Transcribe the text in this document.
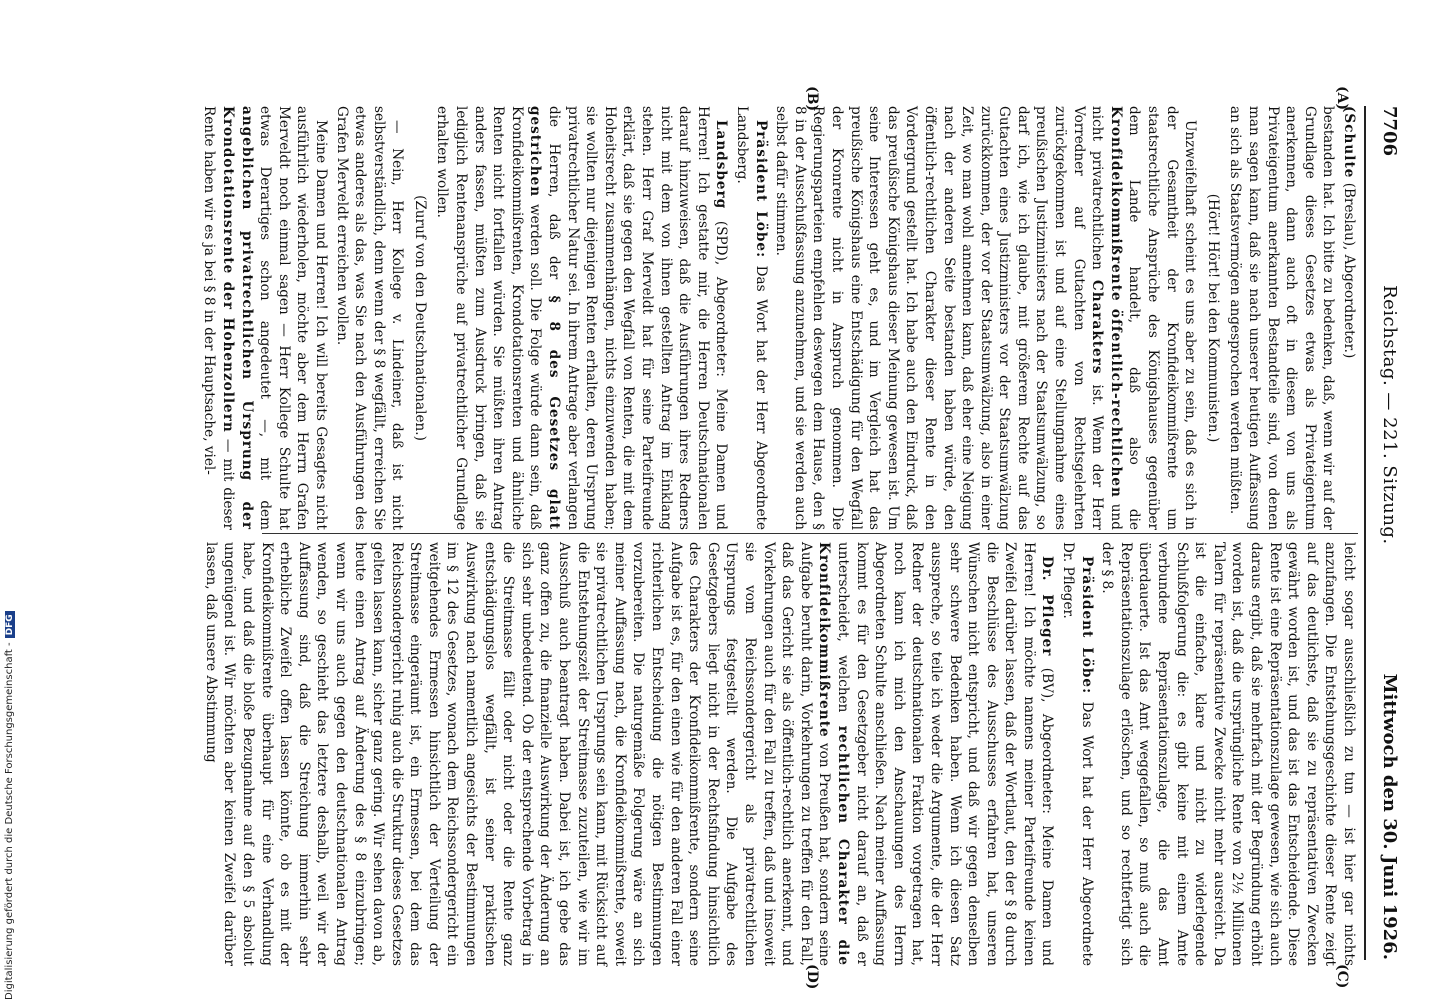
7706
Reichstag. — 221. Sitzung.
Mittwoch den 30. Juni 1926.
(A)
(B)
(C)
(D)

(Schulte (Breslau), Abgeordneter.)

bestanden hat. Ich bitte zu bedenken, daß, wenn wir auf der Grundlage dieses Gesetzes etwas als Privateigentum anerkennen, dann auch oft in diesem von uns als Privateigentum anerkannten Bestandteile sind, von denen man sagen kann, daß sie nach unserer heutigen Auffassung an sich als Staatsvermögen angesprochen werden müßten.

(Hört! Hört! bei den Kommunisten.)

Unzweifelhaft scheint es uns aber zu sein, daß es sich in der Gesamtheit der Kronfideikommißrente um staatsrechtliche Ansprüche des Königshauses gegenüber dem Lande handelt, daß also die Kronfideikommißrente öffentlich-rechtlichen und nicht privatrechtlichen Charakters ist. Wenn der Herr Vorredner auf Gutachten von Rechtsgelehrten zurückgekommen ist und auf eine Stellungnahme eines preußischen Justizministers nach der Staatsumwälzung, so darf ich, wie ich glaube, mit größerem Rechte auf das Gutachten eines Justizministers vor der Staatsumwälzung zurückkommen, der vor der Staatsumwälzung, also in einer Zeit, wo man wohl annehmen kann, daß eher eine Neigung nach der anderen Seite bestanden haben würde, den öffentlich-rechtlichen Charakter dieser Rente in den Vordergrund gestellt hat. Ich habe auch den Eindruck, daß das preußische Königshaus dieser Meinung gewesen ist. Um seine Interessen geht es, und im Vergleich hat das preußische Königshaus eine Entschädigung für den Wegfall der Kronrente nicht in Anspruch genommen. Die Regierungsparteien empfehlen deswegen dem Hause, den § 8 in der Ausschußfassung anzunehmen, und sie werden auch selbst dafür stimmen.

Präsident Löbe: Das Wort hat der Herr Abgeordnete Landsberg.

Landsberg (SPD), Abgeordneter: Meine Damen und Herren! Ich gestatte mir, die Herren Deutschnationalen darauf hinzuweisen, daß die Ausführungen ihres Redners nicht mit dem von ihnen gestellten Antrag im Einklang stehen. Herr Graf Merveldt hat für seine Parteifreunde erklärt, daß sie gegen den Wegfall von Renten, die mit dem Hoheitsrecht zusammenhängen, nichts einzuwenden haben; sie wollten nur diejenigen Renten erhalten, deren Ursprung privatrechtlicher Natur sei. In ihrem Antrage aber verlangen die Herren, daß der § 8 des Gesetzes glatt gestrichen werden soll. Die Folge würde dann sein, daß Kronfideikommißrenten, Krondotationsrenten und ähnliche Renten nicht fortfallen würden. Sie müßten ihren Antrag anders fassen, müßten zum Ausdruck bringen, daß sie lediglich Rentenansprüche auf privatrechtlicher Grundlage erhalten wollen.

(Zuruf von den Deutschnationalen.)

— Nein, Herr Kollege v. Lindeiner, daß ist nicht selbstverständlich, denn wenn der § 8 wegfällt, erreichen Sie etwas anderes als das, was Sie nach den Ausführungen des Grafen Merveldt erreichen wollen.

Meine Damen und Herren! Ich will bereits Gesagtes nicht ausführlich wiederholen, möchte aber dem Herrn Grafen Merveldt noch einmal sagen — Herr Kollege Schulte hat etwas Derartiges schon angedeutet —, mit dem angeblichen privatrechtlichen Ursprung der Krondotationsrente der Hohenzollern — mit dieser Rente haben wir es ja bei § 8 in der Hauptsache, viel-

leicht sogar ausschließlich zu tun — ist hier gar nichts anzufangen. Die Entstehungsgeschichte dieser Rente zeigt auf das deutlichste, daß sie zu repräsentativen Zwecken gewährt worden ist, und das ist das Entscheidende. Diese Rente ist eine Repräsentationszulage gewesen, wie sich auch daraus ergibt, daß sie mehrfach mit der Begründung erhöht worden ist, daß die ursprüngliche Rente von 2½ Millionen Talern für repräsentative Zwecke nicht mehr ausreicht. Da ist die einfache, klare und nicht zu widerlegende Schlußfolgerung die: es gibt keine mit einem Amte verbundene Repräsentationszulage, die das Amt überdauerte. Ist das Amt weggefallen, so muß auch die Repräsentationszulage erlöschen, und so rechtfertigt sich der § 8.

Präsident Löbe: Das Wort hat der Herr Abgeordnete Dr. Pfleger.

Dr. Pfleger (BV), Abgeordneter: Meine Damen und Herren! Ich möchte namens meiner Parteifreunde keinen Zweifel darüber lassen, daß der Wortlaut, den der § 8 durch die Beschlüsse des Ausschusses erfahren hat, unseren Wünschen nicht entspricht, und daß wir gegen denselben sehr schwere Bedenken haben. Wenn ich diesen Satz ausspreche, so teile ich weder die Argumente, die der Herr Redner der deutschnationalen Fraktion vorgetragen hat, noch kann ich mich den Anschauungen des Herrn Abgeordneten Schulte anschließen. Nach meiner Auffassung kommt es für den Gesetzgeber nicht darauf an, daß er unterscheidet, welchen rechtlichen Charakter die Kronfideikommißrente von Preußen hat, sondern seine Aufgabe beruht darin, Vorkehrungen zu treffen für den Fall, daß das Gericht sie als öffentlich-rechtlich anerkennt, und Vorkehrungen auch für den Fall zu treffen, daß und insoweit sie vom Reichssondergericht als privatrechtlichen Ursprungs festgestellt werden. Die Aufgabe des Gesetzgebers liegt nicht in der Rechtsfindung hinsichtlich des Charakters der Kronfideikommißrente, sondern seine Aufgabe ist es, für den einen wie für den anderen Fall einer richterlichen Entscheidung die nötigen Bestimmungen vorzubereiten. Die naturgemäße Folgerung wäre an sich meiner Auffassung nach, die Kronfideikommißrente, soweit sie privatrechtlichen Ursprungs sein kann, mit Rücksicht auf die Entstehungszeit der Streitmasse zuzuteilen, wie wir im Ausschuß auch beantragt haben. Dabei ist, ich gebe das ganz offen zu, die finanzielle Auswirkung der Änderung an sich sehr unbedeutend. Ob der entsprechende Vorbetrag in die Streitmasse fällt oder nicht oder die Rente ganz entschädigungslos wegfällt, ist seiner praktischen Auswirkung nach namentlich angesichts der Bestimmungen im § 12 des Gesetzes, wonach dem Reichssondergericht ein weitgehendes Ermessen hinsichtlich der Verteilung der Streitmasse eingeräumt ist, ein Ermessen, bei dem das Reichssondergericht ruhig auch die Struktur dieses Gesetzes gelten lassen kann, sicher ganz gering. Wir sehen davon ab, heute einen Antrag auf Änderung des § 8 einzubringen; wenn wir uns auch gegen den deutschnationalen Antrag wenden, so geschieht das letztere deshalb, weil wir der Auffassung sind, daß die Streichung immerhin sehr erhebliche Zweifel offen lassen könnte, ob es mit der Kronfideikommißrente überhaupt für eine Verhandlung habe, und daß die bloße Bezugnahme auf den § 5 absolut ungenügend ist. Wir möchten aber keinen Zweifel darüber lassen, daß unsere Abstimmung

Digitalisierung gefördert durch die Deutsche Forschungsgemeinschaft -DFG
